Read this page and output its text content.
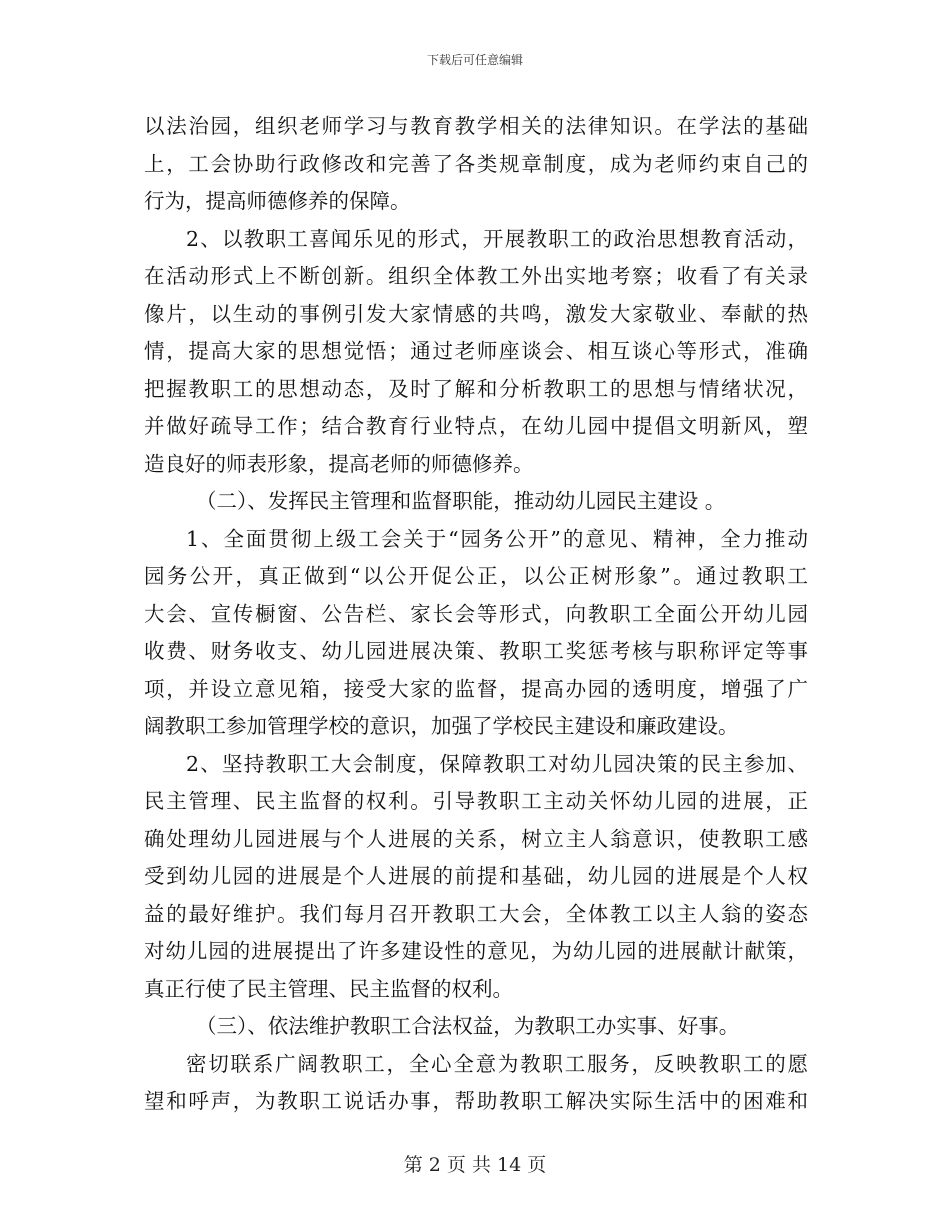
下载后可任意编辑
以法治园，组织老师学习与教育教学相关的法律知识。在学法的基础
上，工会协助行政修改和完善了各类规章制度，成为老师约束自己的
行为，提高师德修养的保障。
2、以教职工喜闻乐见的形式，开展教职工的政治思想教育活动，
在活动形式上不断创新。组织全体教工外出实地考察；收看了有关录
像片，以生动的事例引发大家情感的共鸣，激发大家敬业、奉献的热
情，提高大家的思想觉悟；通过老师座谈会、相互谈心等形式，准确
把握教职工的思想动态，及时了解和分析教职工的思想与情绪状况，
并做好疏导工作；结合教育行业特点，在幼儿园中提倡文明新风，塑
造良好的师表形象，提高老师的师德修养。
（二）、发挥民主管理和监督职能，推动幼儿园民主建设 。
1、全面贯彻上级工会关于“园务公开”的意见、精神，全力推动
园务公开，真正做到“以公开促公正，以公正树形象”。通过教职工
大会、宣传橱窗、公告栏、家长会等形式，向教职工全面公开幼儿园
收费、财务收支、幼儿园进展决策、教职工奖惩考核与职称评定等事
项，并设立意见箱，接受大家的监督，提高办园的透明度，增强了广
阔教职工参加管理学校的意识，加强了学校民主建设和廉政建设。
2、坚持教职工大会制度，保障教职工对幼儿园决策的民主参加、
民主管理、民主监督的权利。引导教职工主动关怀幼儿园的进展，正
确处理幼儿园进展与个人进展的关系，树立主人翁意识，使教职工感
受到幼儿园的进展是个人进展的前提和基础，幼儿园的进展是个人权
益的最好维护。我们每月召开教职工大会，全体教工以主人翁的姿态
对幼儿园的进展提出了许多建设性的意见，为幼儿园的进展献计献策，
真正行使了民主管理、民主监督的权利。
（三）、依法维护教职工合法权益，为教职工办实事、好事。
密切联系广阔教职工，全心全意为教职工服务，反映教职工的愿
望和呼声，为教职工说话办事，帮助教职工解决实际生活中的困难和
第 2 页 共 14 页
